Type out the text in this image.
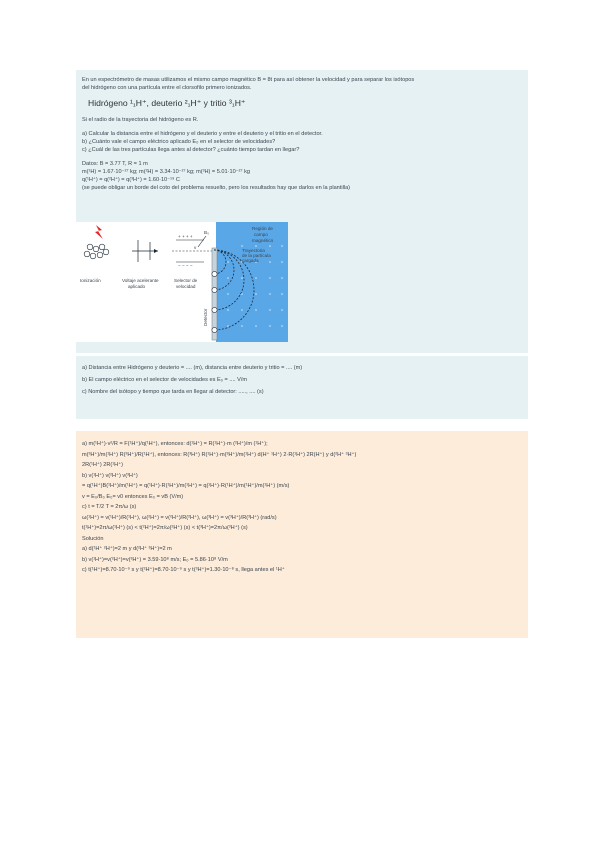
En un espectrómetro de masas utilizamos el mismo campo magnético B = 8t para así obtener la velocidad y para separar los isótopos
del hidrógeno con una partícula entre el clorsofilo primero ionizados.
Hidrógeno ¹₁H⁺, deuterio ²₁H⁺ y tritio ³₁H⁺
Si el radio de la trayectoria del hidrógeno es R.
a) Calcular la distancia entre el hidrógeno y el deuterio y entre el deuterio y el tritio en el detector.
b) ¿Cuánto vale el campo eléctrico aplicado E₀ en el selector de velocidades?
c) ¿Cuál de las tres partículas llega antes al detector? ¿cuánto tiempo tardan en llegar?
Datos: B = 3.77 T, R = 1 m
m(¹H) = 1.67·10⁻²⁷ kg; m(²H) = 3.34·10⁻²⁷ kg; m(³H) = 5.01·10⁻²⁷ kg
q(¹H⁺) = q(²H⁺) = q(³H⁺) = 1.60·10⁻¹⁹ C
(se puede obligar un borde del coto del problema resuelto, pero los resultados hay que darlos en la plantilla)
+ + + +
− − − −
B₀
v
Ionización	Voltaje acelerante
aplicado
Selector de
velocidad
Región de
campo
magnético
Trayectoria
de la partícula
cargada
Detector
a) Distancia entre Hidrógeno y deuterio = .... (m), distancia entre deuterio y tritio = .... (m)
b) El campo eléctrico en el selector de velocidades es E₀ = .... V/m
c) Nombre del isótopo y tiempo que tarda en llegar al detector: ....., .... (s)
a) m(¹H⁺)·v²/R = F(¹H⁺)/q(¹H⁺), entonces: d(¹H⁺) = R(¹H⁺)·m (²H⁺)/m (¹H⁺);
m(³H⁺)/m(¹H⁺) R(³H⁺)/R(¹H⁺), entonces: R(³H⁺) R(¹H⁺)·m(³H⁺)/m(¹H⁺) d(H⁺ ¹H⁺) 2·R(¹H⁺) 2R(H⁺) y d(²H⁺ ³H⁺)
2R(¹H⁺) 2R(¹H⁺)
b) v(¹H⁺) v(²H⁺) v(³H⁺)
= q(¹H⁺)B(¹H⁺)/m(¹H⁺) = q(¹H⁺)·R(¹H⁺)/m(¹H⁺) = q(¹H⁺)·R(¹H⁺)/m(¹H⁺)/m(¹H⁺) (m/s)
v = E₀/B₀ E₀= v0 entonces E₀ = vB (V/m)
c) t = T/2 T = 2π/ω (s)
ω(¹H⁺) = v(¹H⁺)/R(¹H⁺), ω(²H⁺) = v(²H⁺)/R(²H⁺), ω(³H⁺) = v(³H⁺)/R(³H⁺) (rad/s)
t(¹H⁺)=2π/ω(¹H⁺) (s) < t(²H⁺)=2π/ω(²H⁺) (s) < t(³H⁺)=2π/ω(³H⁺) (s)
Solución
a) d(¹H⁺ ²H⁺)=2 m y d(²H⁺ ³H⁺)=2 m
b) v(¹H⁺)=v(²H⁺)=v(³H⁺) = 3.59·10⁸ m/s; E₀ = 5.86·10⁸ V/m
c) t(¹H⁺)=8.70·10⁻⁹ s y t(²H⁺)=8.70·10⁻⁹ s y t(³H⁺)=1.30·10⁻⁸ s, llega antes el ¹H⁺
